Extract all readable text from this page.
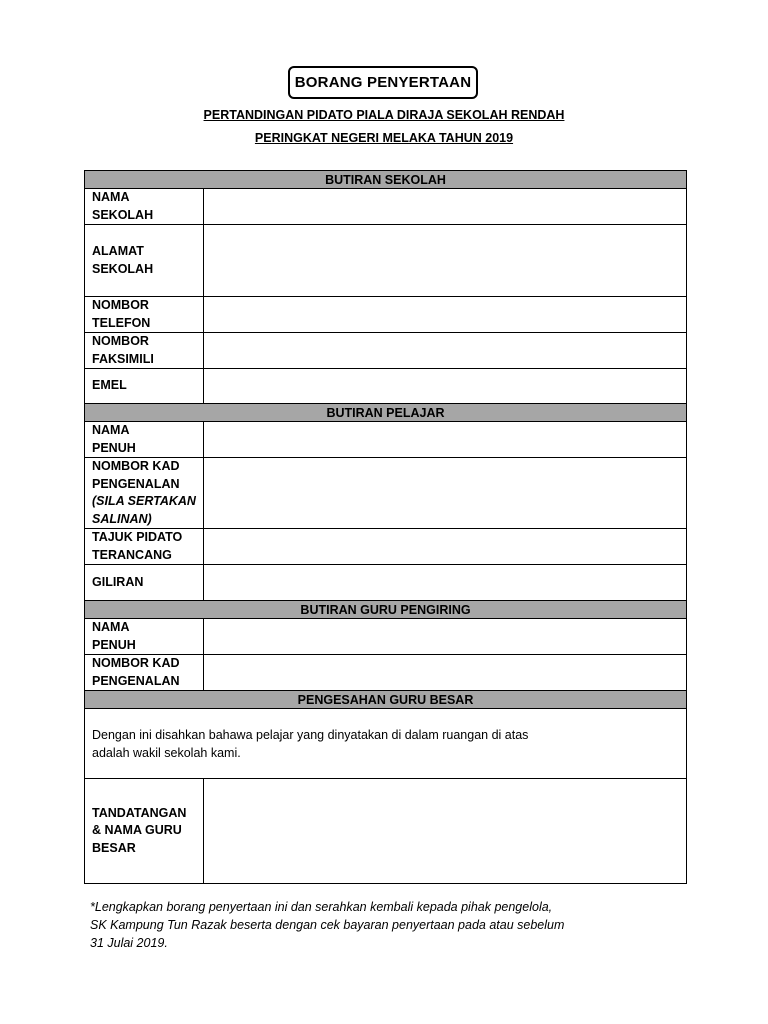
BORANG PENYERTAAN
PERTANDINGAN PIDATO PIALA DIRAJA SEKOLAH RENDAH
PERINGKAT NEGERI MELAKA TAHUN 2019
BUTIRAN SEKOLAH	

NAMA
SEKOLAH	

ALAMAT
SEKOLAH	

NOMBOR
TELEFON	

NOMBOR
FAKSIMILI	

EMEL	
BUTIRAN PELAJAR	

NAMA
PENUH	

NOMBOR KAD
PENGENALAN
(SILA SERTAKAN
SALINAN)	

TAJUK PIDATO
TERANCANG	

GILIRAN	
BUTIRAN GURU PENGIRING	

NAMA
PENUH	

NOMBOR KAD
PENGENALAN	

PENGESAHAN GURU BESAR	

Dengan ini disahkan bahawa pelajar yang dinyatakan di dalam ruangan di atas
adalah wakil sekolah kami.	

TANDATANGAN
& NAMA GURU
BESAR	

*Lengkapkan borang penyertaan ini dan serahkan kembali kepada pihak pengelola,
SK Kampung Tun Razak beserta dengan cek bayaran penyertaan pada atau sebelum
31 Julai 2019.
